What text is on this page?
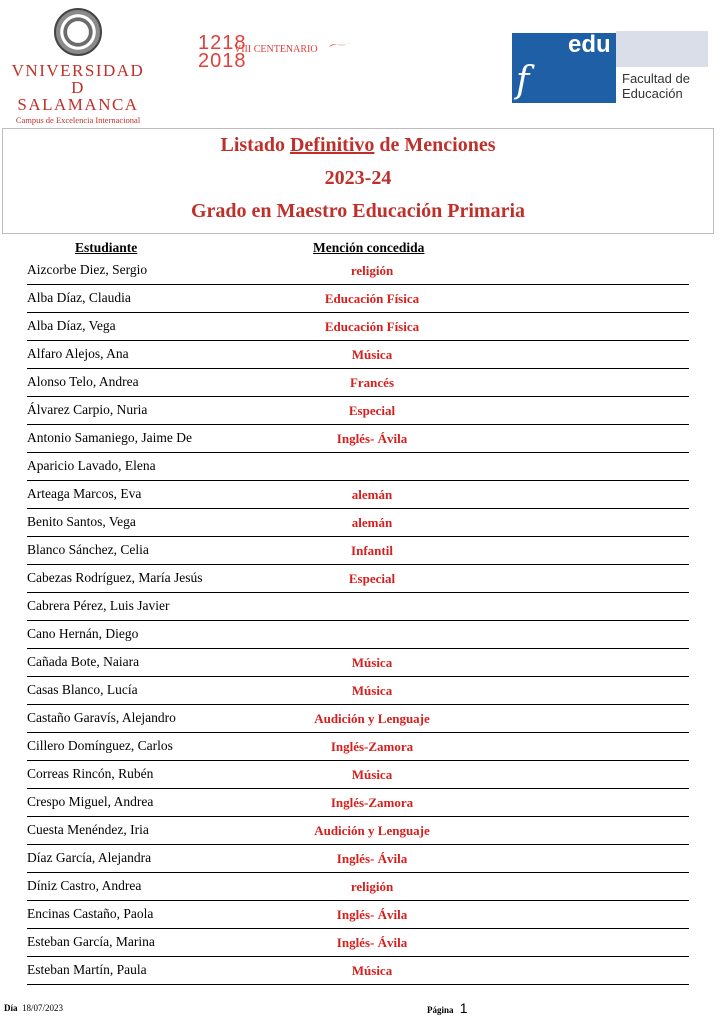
VNIVERSIDAD
D SALAMANCA
Campus de Excelencia Internacional
1218
2018
VIII CENTENARIO
f
edu
Facultad de Educación
Listado Definitivo de Menciones
2023-24
Grado en Maestro Educación Primaria
Estudiante	Mención concedida
Aizcorbe Diez, Sergio	religión
Alba Díaz, Claudia	Educación Física
Alba Díaz, Vega	Educación Física
Alfaro Alejos, Ana	Música
Alonso Telo, Andrea	Francés
Álvarez Carpio, Nuria	Especial
Antonio Samaniego, Jaime De	Inglés- Ávila
Aparicio Lavado, Elena
Arteaga Marcos, Eva	alemán
Benito Santos, Vega	alemán
Blanco Sánchez, Celia	Infantil
Cabezas Rodríguez, María Jesús	Especial
Cabrera Pérez, Luis Javier
Cano Hernán, Diego
Cañada Bote, Naiara	Música
Casas Blanco, Lucía	Música
Castaño Garavís, Alejandro	Audición y Lenguaje
Cillero Domínguez, Carlos	Inglés-Zamora
Correas Rincón, Rubén	Música
Crespo Miguel, Andrea	Inglés-Zamora
Cuesta Menéndez, Iria	Audición y Lenguaje
Díaz García, Alejandra	Inglés- Ávila
Díniz Castro, Andrea	religión
Encinas Castaño, Paola	Inglés- Ávila
Esteban García, Marina	Inglés- Ávila
Esteban Martín, Paula	Música
Día 18/07/2023	Página 1
